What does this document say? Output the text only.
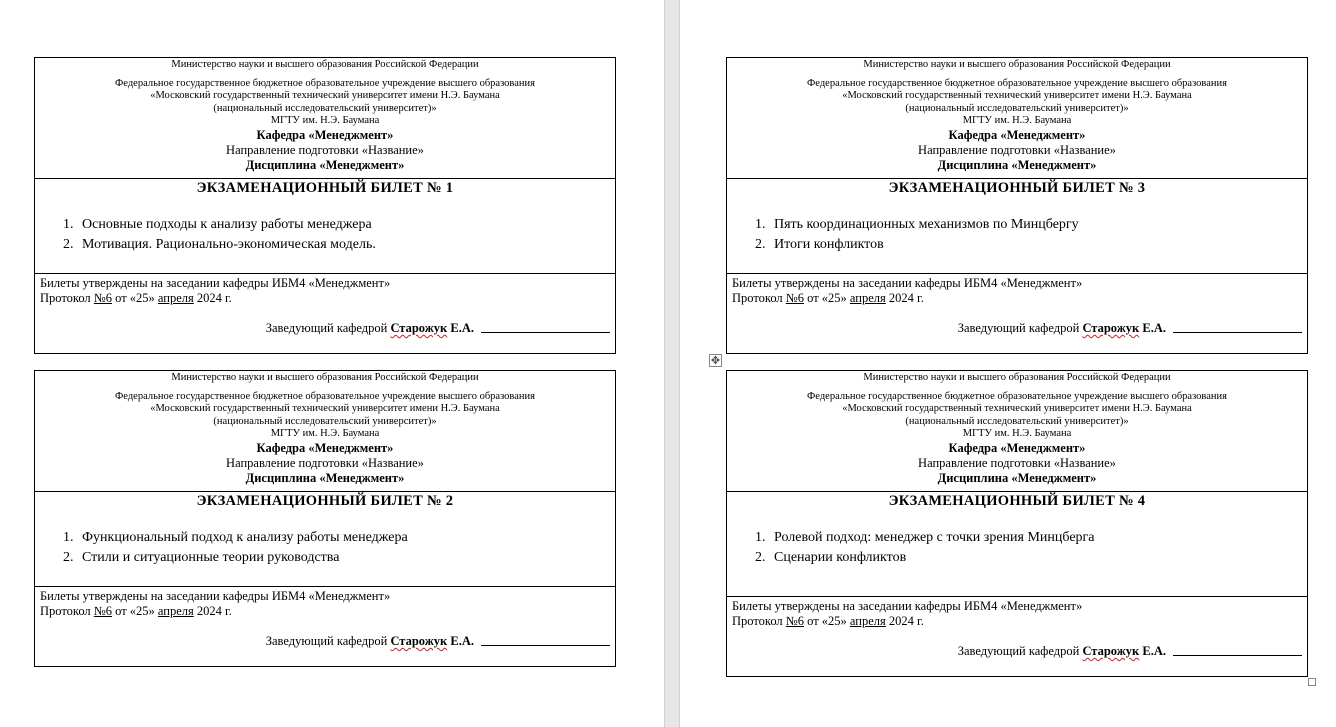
Министерство науки и высшего образования Российской Федерации
Федеральное государственное бюджетное образовательное учреждение высшего образования
«Московский государственный технический университет имени Н.Э. Баумана
(национальный исследовательский университет)»
МГТУ им. Н.Э. Баумана
Кафедра «Менеджмент»
Направление подготовки «Название»
Дисциплина «Менеджмент»
ЭКЗАМЕНАЦИОННЫЙ БИЛЕТ № 1
1. Основные подходы к анализу работы менеджера
2. Мотивация. Рационально-экономическая модель.
Билеты утверждены на заседании кафедры ИБМ4 «Менеджмент»
Протокол №6 от «25» апреля 2024 г.
Заведующий кафедрой Старожук Е.А.
Министерство науки и высшего образования Российской Федерации
Федеральное государственное бюджетное образовательное учреждение высшего образования
«Московский государственный технический университет имени Н.Э. Баумана
(национальный исследовательский университет)»
МГТУ им. Н.Э. Баумана
Кафедра «Менеджмент»
Направление подготовки «Название»
Дисциплина «Менеджмент»
ЭКЗАМЕНАЦИОННЫЙ БИЛЕТ № 2
1. Функциональный подход к анализу работы менеджера
2. Стили и ситуационные теории руководства
Билеты утверждены на заседании кафедры ИБМ4 «Менеджмент»
Протокол №6 от «25» апреля 2024 г.
Заведующий кафедрой Старожук Е.А.
Министерство науки и высшего образования Российской Федерации
Федеральное государственное бюджетное образовательное учреждение высшего образования
«Московский государственный технический университет имени Н.Э. Баумана
(национальный исследовательский университет)»
МГТУ им. Н.Э. Баумана
Кафедра «Менеджмент»
Направление подготовки «Название»
Дисциплина «Менеджмент»
ЭКЗАМЕНАЦИОННЫЙ БИЛЕТ № 3
1. Пять координационных механизмов по Минцбергу
2. Итоги конфликтов
Билеты утверждены на заседании кафедры ИБМ4 «Менеджмент»
Протокол №6 от «25» апреля 2024 г.
Заведующий кафедрой Старожук Е.А.
Министерство науки и высшего образования Российской Федерации
Федеральное государственное бюджетное образовательное учреждение высшего образования
«Московский государственный технический университет имени Н.Э. Баумана
(национальный исследовательский университет)»
МГТУ им. Н.Э. Баумана
Кафедра «Менеджмент»
Направление подготовки «Название»
Дисциплина «Менеджмент»
ЭКЗАМЕНАЦИОННЫЙ БИЛЕТ № 4
1. Ролевой подход: менеджер с точки зрения Минцберга
2. Сценарии конфликтов
Билеты утверждены на заседании кафедры ИБМ4 «Менеджмент»
Протокол №6 от «25» апреля 2024 г.
Заведующий кафедрой Старожук Е.А.
✥
